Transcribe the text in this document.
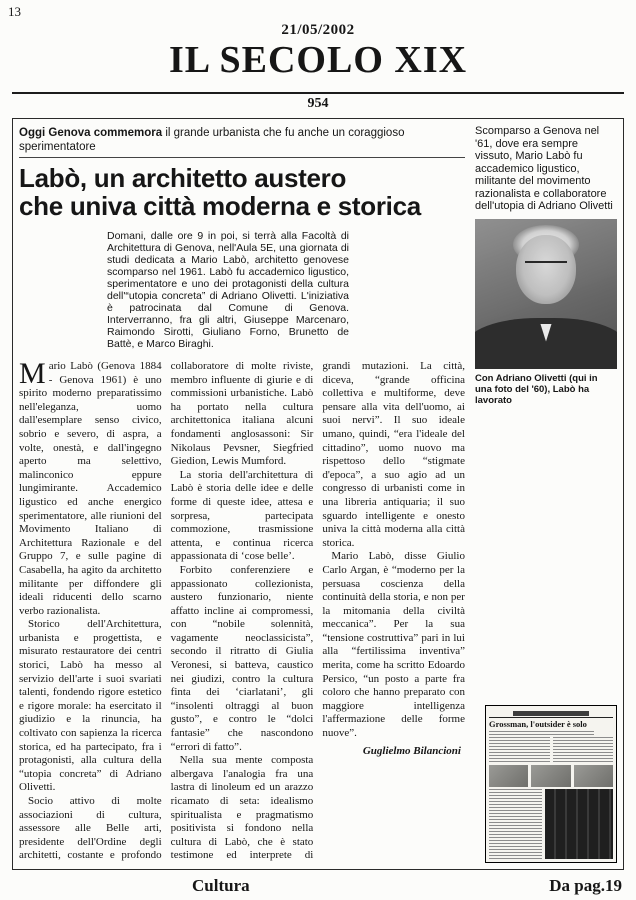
13
21/05/2002
IL SECOLO XIX
954
Oggi Genova commemora il grande urbanista che fu anche un coraggioso sperimentatore
Labò, un architetto austero
che univa città moderna e storica
Domani, dalle ore 9 in poi, si terrà alla Facoltà di Architettura di Genova, nell'Aula 5E, una giornata di studi dedicata a Mario Labò, architetto genovese scomparso nel 1961. Labò fu accademico ligustico, sperimentatore e uno dei protagonisti della cultura dell'“utopia concreta” di Adriano Olivetti. L'iniziativa è patrocinata dal Comune di Genova. Interverranno, fra gli altri, Giuseppe Marcenaro, Raimondo Sirotti, Giuliano Forno, Brunetto de Battè, e Marco Biraghi.

Mario Labò (Genova 1884 - Genova 1961) è uno spirito moderno preparatissimo nell'eleganza, uomo dall'esemplare senso civico, sobrio e severo, di aspra, a volte, onestà, e dall'ingegno aperto ma selettivo, malinconico eppure lungimirante. Accademico ligustico ed anche energico sperimentatore, alle riunioni del Movimento Italiano di Architettura Razionale e del Gruppo 7, e sulle pagine di Casabella, ha agito da architetto militante per diffondere gli ideali riducenti dello scarno verbo razionalista.

Storico dell'Architettura, urbanista e progettista, e misurato restauratore dei centri storici, Labò ha messo al servizio dell'arte i suoi svariati talenti, fondendo rigore estetico e rigore morale: ha esercitato il giudizio e la rinuncia, ha coltivato con sapienza la ricerca storica, ed ha partecipato, fra i protagonisti, alla cultura della “utopia concreta” di Adriano Olivetti.

Socio attivo di molte associazioni di cultura, assessore alle Belle arti, presidente dell'Ordine degli architetti, costante e profondo collaboratore di molte riviste, membro influente di giurie e di commissioni urbanistiche. Labò ha portato nella cultura architettonica italiana alcuni fondamenti anglosassoni: Sir Nikolaus Pevsner, Siegfried Giedion, Lewis Mumford.

La storia dell'architettura di Labò è storia delle idee e delle forme di queste idee, attesa e sorpresa, partecipata commozione, trasmissione attenta, e continua ricerca appassionata di ‘cose belle’.

Forbito conferenziere e appassionato collezionista, austero funzionario, niente affatto incline ai compromessi, con “nobile solennità, vagamente neoclassicista”, secondo il ritratto di Giulia Veronesi, si batteva, caustico nei giudizi, contro la cultura finta dei ‘ciarlatani’, gli “insolenti oltraggi al buon gusto”, e contro le “dolci fantasie” che nascondono “errori di fatto”.

Nella sua mente composta albergava l'analogia fra una lastra di linoleum ed un arazzo ricamato di seta: idealismo spiritualista e pragmatismo positivista si fondono nella cultura di Labò, che è stato testimone ed interprete di grandi mutazioni. La città, diceva, “grande officina collettiva e multiforme, deve pensare alla vita dell'uomo, ai suoi nervi”. Il suo ideale umano, quindi, “era l'ideale del cittadino”, uomo nuovo ma rispettoso dello “stigmate d'epoca”, a suo agio ad un congresso di urbanisti come in una libreria antiquaria; il suo sguardo intelligente e onesto univa la città moderna alla città storica.

Mario Labò, disse Giulio Carlo Argan, è “moderno per la persuasa coscienza della continuità della storia, e non per la mitomania della civiltà meccanica”. Per la sua “tensione costruttiva” pari in lui alla “fertilissima inventiva” merita, come ha scritto Edoardo Persico, “un posto a parte fra coloro che hanno preparato con maggiore intelligenza l'affermazione delle forme nuove”.

Guglielmo Bilancioni
Scomparso a Genova nel '61, dove era sempre vissuto, Mario Labò fu accademico ligustico, militante del movimento razionalista e collaboratore dell'utopia di Adriano Olivetti
Con Adriano Olivetti (qui in una foto del '60), Labò ha lavorato
Grossman, l'outsider è solo
Cultura	Da pag.19
